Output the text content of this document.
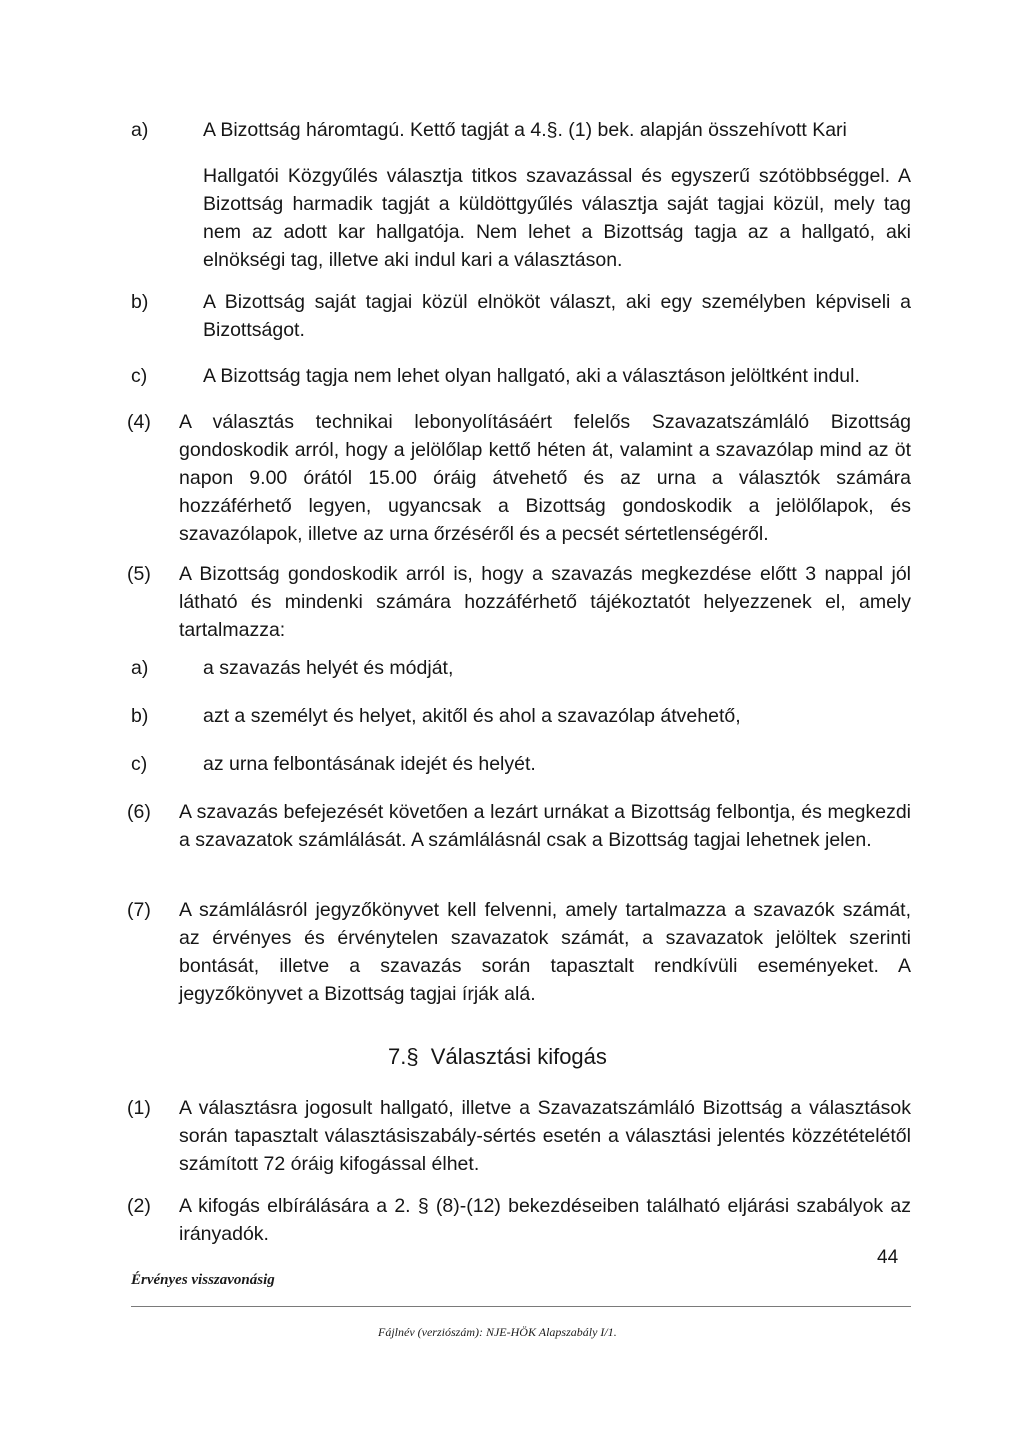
a)	A Bizottság háromtagú. Kettő tagját a 4.§. (1) bek. alapján összehívott Kari
Hallgatói Közgyűlés választja titkos szavazással és egyszerű szótöbbséggel. A Bizottság harmadik tagját a küldöttgyűlés választja saját tagjai közül, mely tag nem az adott kar hallgatója. Nem lehet a Bizottság tagja az a hallgató, aki elnökségi tag, illetve aki indul kari a választáson.
b)	A Bizottság saját tagjai közül elnököt választ, aki egy személyben képviseli a Bizottságot.
c)	A Bizottság tagja nem lehet olyan hallgató, aki a választáson jelöltként indul.
(4) A választás technikai lebonyolításáért felelős Szavazatszámláló Bizottság gondoskodik arról, hogy a jelölőlap kettő héten át, valamint a szavazólap mind az öt napon 9.00 órától 15.00 óráig átvehető és az urna a választók számára hozzáférhető legyen, ugyancsak a Bizottság gondoskodik a jelölőlapok, és szavazólapok, illetve az urna őrzéséről és a pecsét sértetlenségéről.
(5) A Bizottság gondoskodik arról is, hogy a szavazás megkezdése előtt 3 nappal jól látható és mindenki számára hozzáférhető tájékoztatót helyezzenek el, amely tartalmazza:
a)	a szavazás helyét és módját,
b)	azt a személyt és helyet, akitől és ahol a szavazólap átvehető,
c)	az urna felbontásának idejét és helyét.
(6) A szavazás befejezését követően a lezárt urnákat a Bizottság felbontja, és megkezdi a szavazatok számlálását. A számlálásnál csak a Bizottság tagjai lehetnek jelen.
(7) A számlálásról jegyzőkönyvet kell felvenni, amely tartalmazza a szavazók számát, az érvényes és érvénytelen szavazatok számát, a szavazatok jelöltek szerinti bontását, illetve a szavazás során tapasztalt rendkívüli eseményeket. A jegyzőkönyvet a Bizottság tagjai írják alá.
7.§  Választási kifogás
(1) A választásra jogosult hallgató, illetve a Szavazatszámláló Bizottság a választások során tapasztalt választásiszabály-sértés esetén a választási jelentés közzétételétől számított 72 óráig kifogással élhet.
(2) A kifogás elbírálására a 2. § (8)-(12) bekezdéseiben található eljárási szabályok az irányadók.
44
Érvényes visszavonásig
Fájlnév (verziószám): NJE-HÖK Alapszabály I/1.
